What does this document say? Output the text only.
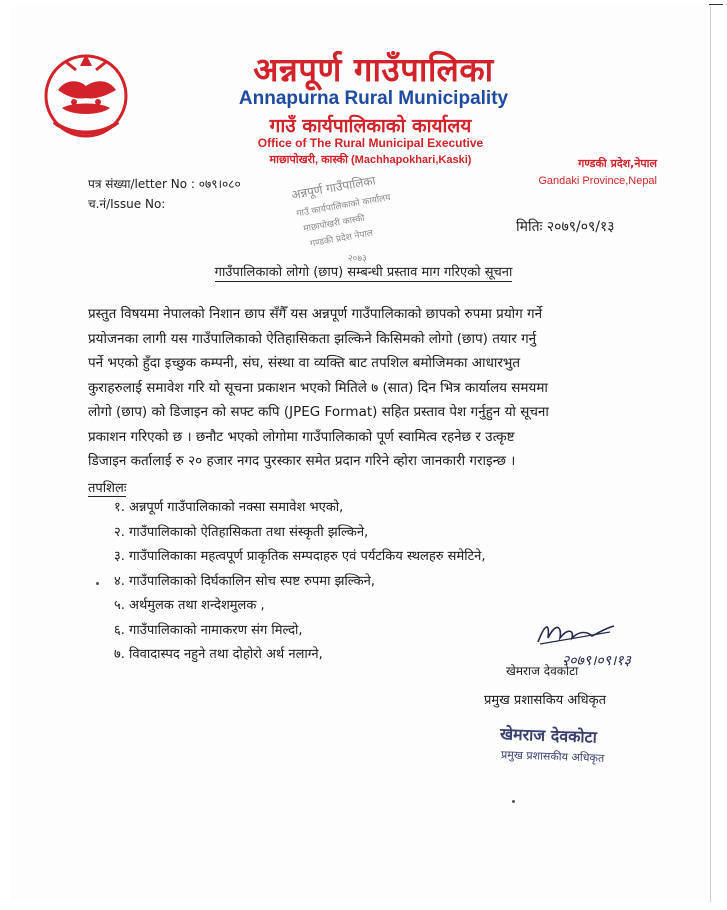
अन्नपूर्ण गाउँपालिका
Annapurna Rural Municipality
गाउँ कार्यपालिकाको कार्यालय
Office of The Rural Municipal Executive
माछापोखरी, कास्की (Machhapokhari,Kaski)	गण्डकी प्रदेश,नेपाल
Gandaki Province,Nepal
पत्र संख्या/letter No : ०७९।०८०
च.नं/Issue No:
अन्नपूर्ण गाउँपालिका
गाउँ कार्यपालिकाको कार्यालय
माछापोखरी कास्की
गण्डकी प्रदेश नेपाल
२०७३
मितिः २०७९/०९/१३
गाउँपालिकाको लोगो (छाप) सम्बन्धी प्रस्ताव माग गरिएको सूचना
प्रस्तुत विषयमा नेपालको निशान छाप सँगैँ यस अन्नपूर्ण गाउँपालिकाको छापको रुपमा प्रयोग गर्ने
प्रयोजनका लागी यस गाउँपालिकाको ऐतिहासिकता झल्किने किसिमको लोगो (छाप) तयार गर्नु
पर्ने भएको हुँदा इच्छुक कम्पनी, संघ, संस्था वा व्यक्ति बाट तपशिल बमोजिमका आधारभुत
कुराहरुलाई समावेश गरि यो सूचना प्रकाशन भएको मितिले ७ (सात) दिन भित्र कार्यालय समयमा
लोगो (छाप) को डिजाइन को सफ्ट कपि (JPEG Format) सहित प्रस्ताव पेश गर्नुहुन यो सूचना
प्रकाशन गरिएको छ । छनौट भएको लोगोमा गाउँपालिकाको पूर्ण स्वामित्व रहनेछ र उत्कृष्ट
डिजाइन कर्तालाई रु २० हजार नगद पुरस्कार समेत प्रदान गरिने व्होरा जानकारी गराइन्छ ।
तपशिलः
१. अन्नपूर्ण गाउँपालिकाको नक्सा समावेश भएको,
२. गाउँपालिकाको ऐतिहासिकता तथा संस्कृती झल्किने,
३. गाउँपालिकाका महत्वपूर्ण प्राकृतिक सम्पदाहरु एवं पर्यटकिय स्थलहरु समेटिने,
४. गाउँपालिकाको दिर्घकालिन सोच स्पष्ट रुपमा झल्किने,
५. अर्थमुलक तथा शन्देशमुलक ,
६. गाउँपालिकाको नामाकरण संग मिल्दो,
७. विवादास्पद नहुने तथा दोहोरो अर्थ नलाग्ने,	२०७९।०९।१३
खेमराज देवकोटा
प्रमुख प्रशासकिय अधिकृत
खेमराज देवकोटा
प्रमुख प्रशासकीय अधिकृत
